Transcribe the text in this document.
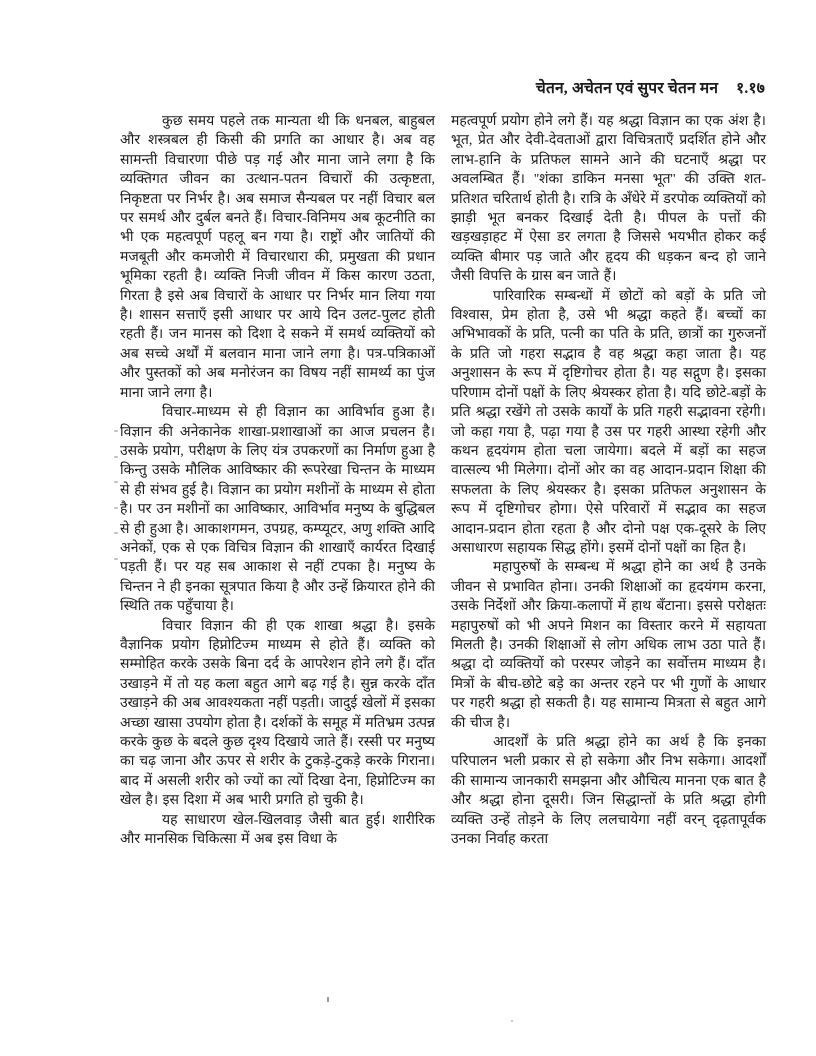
चेतन, अचेतन एवं सुपर चेतन मन १.१७

कुछ समय पहले तक मान्यता थी कि धनबल, बाहुबल और शस्त्रबल ही किसी की प्रगति का आधार है। अब वह सामन्ती विचारणा पीछे पड़ गई और माना जाने लगा है कि व्यक्तिगत जीवन का उत्थान-पतन विचारों की उत्कृष्टता, निकृष्टता पर निर्भर है। अब समाज सैन्यबल पर नहीं विचार बल पर समर्थ और दुर्बल बनते हैं। विचार-विनिमय अब कूटनीति का भी एक महत्वपूर्ण पहलू बन गया है। राष्ट्रों और जातियों की मजबूती और कमजोरी में विचारधारा की, प्रमुखता की प्रधान भूमिका रहती है। व्यक्ति निजी जीवन में किस कारण उठता, गिरता है इसे अब विचारों के आधार पर निर्भर मान लिया गया है। शासन सत्ताएँ इसी आधार पर आये दिन उलट-पुलट होती रहती हैं। जन मानस को दिशा दे सकने में समर्थ व्यक्तियों को अब सच्चे अर्थों में बलवान माना जाने लगा है। पत्र-पत्रिकाओं और पुस्तकों को अब मनोरंजन का विषय नहीं सामर्थ्य का पुंज माना जाने लगा है।

विचार-माध्यम से ही विज्ञान का आविर्भाव हुआ है। विज्ञान की अनेकानेक शाखा-प्रशाखाओं का आज प्रचलन है। उसके प्रयोग, परीक्षण के लिए यंत्र उपकरणों का निर्माण हुआ है किन्तु उसके मौलिक आविष्कार की रूपरेखा चिन्तन के माध्यम से ही संभव हुई है। विज्ञान का प्रयोग मशीनों के माध्यम से होता है। पर उन मशीनों का आविष्कार, आविर्भाव मनुष्य के बुद्धिबल से ही हुआ है। आकाशगमन, उपग्रह, कम्प्यूटर, अणु शक्ति आदि अनेकों, एक से एक विचित्र विज्ञान की शाखाएँ कार्यरत दिखाई पड़ती हैं। पर यह सब आकाश से नहीं टपका है। मनुष्य के चिन्तन ने ही इनका सूत्रपात किया है और उन्हें क्रियारत होने की स्थिति तक पहुँचाया है।

विचार विज्ञान की ही एक शाखा श्रद्धा है। इसके वैज्ञानिक प्रयोग हिप्नोटिज्म माध्यम से होते हैं। व्यक्ति को सम्मोहित करके उसके बिना दर्द के आपरेशन होने लगे हैं। दाँत उखाड़ने में तो यह कला बहुत आगे बढ़ गई है। सुन्न करके दाँत उखाड़ने की अब आवश्यकता नहीं पड़ती। जादुई खेलों में इसका अच्छा खासा उपयोग होता है। दर्शकों के समूह में मतिभ्रम उत्पन्न करके कुछ के बदले कुछ दृश्य दिखाये जाते हैं। रस्सी पर मनुष्य का चढ़ जाना और ऊपर से शरीर के टुकड़े-टुकड़े करके गिराना। बाद में असली शरीर को ज्यों का त्यों दिखा देना, हिप्नोटिज्म का खेल है। इस दिशा में अब भारी प्रगति हो चुकी है।

यह साधारण खेल-खिलवाड़ जैसी बात हुई। शारीरिक और मानसिक चिकित्सा में अब इस विधा के

महत्वपूर्ण प्रयोग होने लगे हैं। यह श्रद्धा विज्ञान का एक अंश है। भूत, प्रेत और देवी-देवताओं द्वारा विचित्रताएँ प्रदर्शित होने और लाभ-हानि के प्रतिफल सामने आने की घटनाएँ श्रद्धा पर अवलम्बित हैं। ''शंका डाकिन मनसा भूत'' की उक्ति शत-प्रतिशत चरितार्थ होती है। रात्रि के अँधेरे में डरपोक व्यक्तियों को झाड़ी भूत बनकर दिखाई देती है। पीपल के पत्तों की खड़खड़ाहट में ऐसा डर लगता है जिससे भयभीत होकर कई व्यक्ति बीमार पड़ जाते और हृदय की धड़कन बन्द हो जाने जैसी विपत्ति के ग्रास बन जाते हैं।

पारिवारिक सम्बन्धों में छोटों को बड़ों के प्रति जो विश्वास, प्रेम होता है, उसे भी श्रद्धा कहते हैं। बच्चों का अभिभावकों के प्रति, पत्नी का पति के प्रति, छात्रों का गुरुजनों के प्रति जो गहरा सद्भाव है वह श्रद्धा कहा जाता है। यह अनुशासन के रूप में दृष्टिगोचर होता है। यह सद्गुण है। इसका परिणाम दोनों पक्षों के लिए श्रेयस्कर होता है। यदि छोटे-बड़ों के प्रति श्रद्धा रखेंगे तो उसके कार्यों के प्रति गहरी सद्भावना रहेगी। जो कहा गया है, पढ़ा गया है उस पर गहरी आस्था रहेगी और कथन हृदयंगम होता चला जायेगा। बदले में बड़ों का सहज वात्सल्य भी मिलेगा। दोनों ओर का वह आदान-प्रदान शिक्षा की सफलता के लिए श्रेयस्कर है। इसका प्रतिफल अनुशासन के रूप में दृष्टिगोचर होगा। ऐसे परिवारों में सद्भाव का सहज आदान-प्रदान होता रहता है और दोनो पक्ष एक-दूसरे के लिए असाधारण सहायक सिद्ध होंगे। इसमें दोनों पक्षों का हित है।

महापुरुषों के सम्बन्ध में श्रद्धा होने का अर्थ है उनके जीवन से प्रभावित होना। उनकी शिक्षाओं का हृदयंगम करना, उसके निर्देशों और क्रिया-कलापों में हाथ बँटाना। इससे परोक्षतः महापुरुषों को भी अपने मिशन का विस्तार करने में सहायता मिलती है। उनकी शिक्षाओं से लोग अधिक लाभ उठा पाते हैं। श्रद्धा दो व्यक्तियों को परस्पर जोड़ने का सर्वोत्तम माध्यम है। मित्रों के बीच-छोटे बड़े का अन्तर रहने पर भी गुणों के आधार पर गहरी श्रद्धा हो सकती है। यह सामान्य मित्रता से बहुत आगे की चीज है।

आदर्शों के प्रति श्रद्धा होने का अर्थ है कि इनका परिपालन भली प्रकार से हो सकेगा और निभ सकेगा। आदर्शों की सामान्य जानकारी समझना और औचित्य मानना एक बात है और श्रद्धा होना दूसरी। जिन सिद्धान्तों के प्रति श्रद्धा होगी व्यक्ति उन्हें तोड़ने के लिए ललचायेगा नहीं वरन् दृढ़तापूर्वक उनका निर्वाह करता
